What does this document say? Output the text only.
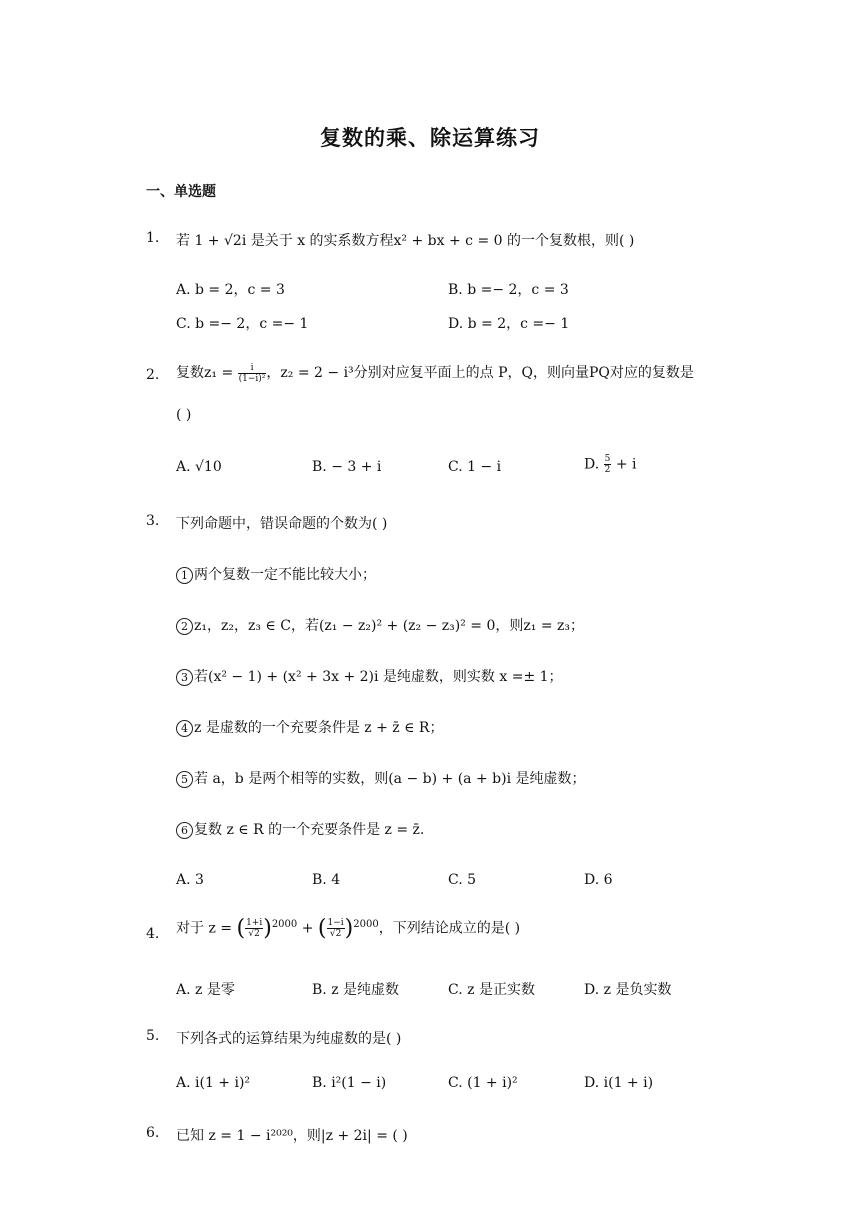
复数的乘、除运算练习
一、单选题
1. 若 1 + √2i 是关于 x 的实系数方程x² + bx + c = 0 的一个复数根，则( )
A. b = 2，c = 3	B. b =− 2，c = 3
C. b =− 2，c =− 1	D. b = 2，c =− 1
2. 复数$z_1 = \frac{i}{\text{(1−i)²}}$ ，z₂ = 2 − i³分别对应复平面上的点 P，Q，则向量PQ对应的复数是
( )
A. √10	B. − 3 + i	C. 1 − i	D. $\frac{5}{2} + i$
3. 下列命题中，错误命题的个数为( )
1 两个复数一定不能比较大小；
2 z₁，z₂，z₃ ∈ C，若(z₁ − z₂)² + (z₂ − z₃)² = 0，则z₁ = z₃；
3 若(x² − 1) + (x² + 3x + 2)i 是纯虚数，则实数 x =± 1；
4 z 是虚数的一个充要条件是 z + z̄ ∈ R；
5 若 a，b 是两个相等的实数，则(a − b) + (a + b)i 是纯虚数；
6 复数 z ∈ R 的一个充要条件是 z = z̄.
A. 3	B. 4	C. 5	D. 6
4. 对于 z = ( $\frac{1+i}{√2} )^{2000}$ + ( $\frac{1-i}{√2} )^{2000}$，下列结论成立的是( )
A. z 是零	B. z 是纯虚数	C. z 是正实数	D. z 是负实数
5. 下列各式的运算结果为纯虚数的是( )
A. i(1 + i)²	B. i²(1 − i)	C. (1 + i)²	D. i(1 + i)
6. 已知 z = 1 − i²⁰²⁰，则|z + 2i| = ( )
